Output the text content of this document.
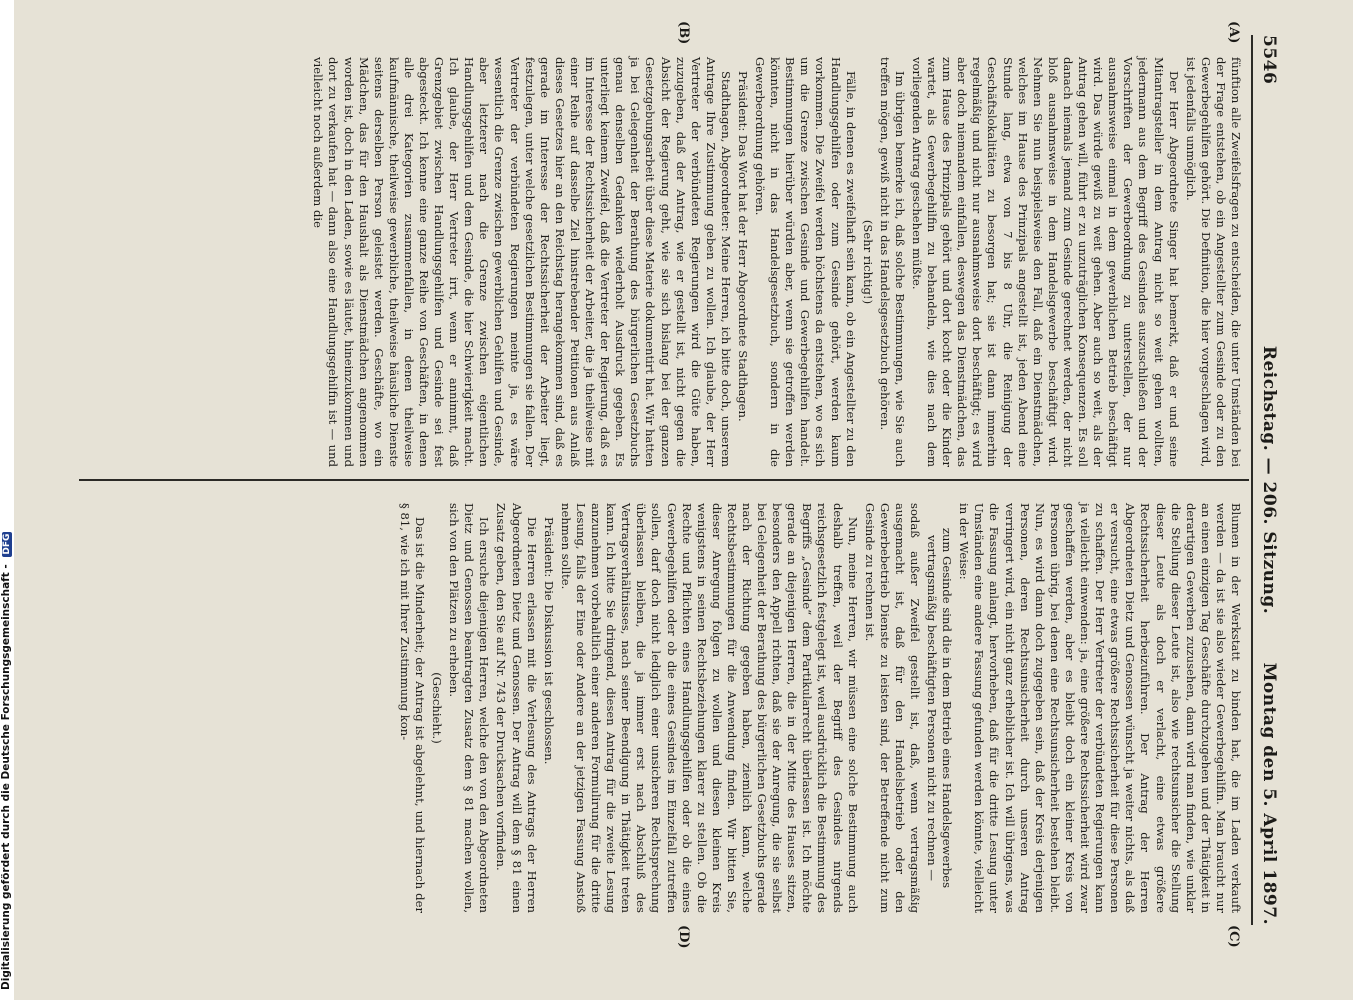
5546
Reichstag. — 206. Sitzung.
Montag den 5. April 1897.
(A)
(B)
(C)
(D)

fünftion alle Zweifelsfragen zu entscheiden, die unter Umständen bei der Frage entstehen, ob ein Angestellter zum Gesinde oder zu den Gewerbegehilfen gehört. Die Definition, die hier vorgeschlagen wird, ist jedenfalls unmöglich.

Der Herr Abgeordnete Singer hat bemerkt, daß er und seine Mitantragsteller in dem Antrag nicht so weit gehen wollten, jedermann aus dem Begriff des Gesindes auszuschließen und der Vorschriften der Gewerbeordnung zu unterstellen, der nur ausnahmsweise einmal in dem gewerblichen Betrieb beschäftigt wird. Das würde gewiß zu weit gehen. Aber auch so weit, als der Antrag gehen will, führt er zu unzuträglichen Konsequenzen. Es soll danach niemals jemand zum Gesinde gerechnet werden, der nicht bloß ausnahmsweise in dem Handelsgewerbe beschäftigt wird. Nehmen Sie nun beispielsweise den Fall, daß ein Dienstmädchen, welches im Hause des Prinzipals angestellt ist, jeden Abend eine Stunde lang, etwa von 7 bis 8 Uhr, die Reinigung der Geschäftslokalitäten zu besorgen hat; sie ist dann immerhin regelmäßig und nicht nur ausnahmsweise dort beschäftigt; es wird aber doch niemandem einfallen, deswegen das Dienstmädchen, das zum Hause des Prinzipals gehört und dort kocht oder die Kinder wartet, als Gewerbegehilfin zu behandeln, wie dies nach dem vorliegenden Antrag geschehen müßte.

Im übrigen bemerke ich, daß solche Bestimmungen, wie Sie auch treffen mögen, gewiß nicht in das Handelsgesetzbuch gehören.

(Sehr richtig!)

Fälle, in denen es zweifelhaft sein kann, ob ein Angestellter zu den Handlungsgehilfen oder zum Gesinde gehört, werden kaum vorkommen. Die Zweifel werden höchstens da entstehen, wo es sich um die Grenze zwischen Gesinde und Gewerbegehilfen handelt. Bestimmungen hierüber würden aber, wenn sie getroffen werden könnten, nicht in das Handelsgesetzbuch, sondern in die Gewerbeordnung gehören.

Präsident: Das Wort hat der Herr Abgeordnete Stadthagen.

Stadthagen, Abgeordneter: Meine Herren, ich bitte doch, unserem Antrage Ihre Zustimmung geben zu wollen. Ich glaube, der Herr Vertreter der verbündeten Regierungen wird die Güte haben, zuzugeben, daß der Antrag, wie er gestellt ist, nicht gegen die Absicht der Regierung geht, wie sie sich bislang bei der ganzen Gesetzgebungsarbeit über diese Materie dokumentirt hat. Wir hatten ja bei Gelegenheit der Berathung des bürgerlichen Gesetzbuchs genau denselben Gedanken wiederholt Ausdruck gegeben. Es unterliegt keinem Zweifel, daß die Vertreter der Regierung, daß es im Interesse der Rechtssicherheit der Arbeiter, die ja theilweise mit einer Reihe auf dasselbe Ziel hinstrebender Petitionen aus Anlaß dieses Gesetzes hier an den Reichstag herangekommen sind, daß es gerade im Interesse der Rechtssicherheit der Arbeiter liegt, festzulegen, unter welche gesetzlichen Bestimmungen sie fallen. Der Vertreter der verbündeten Regierungen meinte ja, es wäre wesentlich die Grenze zwischen gewerblichen Gehilfen und Gesinde, aber letzterer nach die Grenze zwischen eigentlichen Handlungsgehilfen und dem Gesinde, die hier Schwierigkeit macht. Ich glaube, der Herr Vertreter irrt, wenn er annimmt, daß Grenzgebiet zwischen Handlungsgehilfen und Gesinde sei fest abgesteckt. Ich kenne eine ganze Reihe von Geschäften, in denen alle drei Kategorien zusammenfallen, in denen theilweise kaufmännische, theilweise gewerbliche, theilweise häusliche Dienste seitens derselben Person geleistet werden. Geschäfte, wo ein Mädchen, das für den Haushalt als Dienstmädchen angenommen worden ist, doch in den Laden, sowie es läutet, hineinzukommen und dort zu verkaufen hat — dann also eine Handlungsgehilfin ist — und vielleicht noch außerdem die

Blumen in der Werkstatt zu binden hat, die im Laden verkauft werden — da ist sie also wieder Gewerbegehilfin. Man braucht nur an einen einzigen Tag Geschäfte durchzugehen und der Thätigkeit in derartigen Gewerben zuzusehen, dann wird man finden, wie unklar die Stellung dieser Leute ist, also wie rechtsunsicher die Stellung dieser Leute als doch er verlacht, eine etwas größere Rechtssicherheit herbeizuführen. Der Antrag der Herren Abgeordneten Dietz und Genossen wünscht ja weiter nichts, als daß er versucht, eine etwas größere Rechtssicherheit für diese Personen zu schaffen. Der Herr Vertreter der verbündeten Regierungen kann ja vielleicht einwenden: ja, eine größere Rechtssicherheit wird zwar geschaffen werden, aber es bleibt doch ein kleiner Kreis von Personen übrig, bei denen eine Rechtsunsicherheit bestehen bleibt. Nun, es wird dann doch zugegeben sein, daß der Kreis derjenigen Personen, deren Rechtsunsicherheit durch unseren Antrag verringert wird, ein nicht ganz erheblicher ist. Ich will übrigens, was die Fassung anlangt, hervorheben, daß für die dritte Lesung unter Umständen eine andere Fassung gefunden werden könnte, vielleicht in der Weise:

zum Gesinde sind die in dem Betrieb eines Handelsgewerbes vertragsmäßig beschäftigten Personen nicht zu rechnen —

sodaß außer Zweifel gestellt ist, daß, wenn vertragsmäßig ausgemacht ist, daß für den Handelsbetrieb oder den Gewerbebetrieb Dienste zu leisten sind, der Betreffende nicht zum Gesinde zu rechnen ist.

Nun, meine Herren, wir müssen eine solche Bestimmung auch deshalb treffen, weil der Begriff des Gesindes nirgends reichsgesetzlich festgelegt ist, weil ausdrücklich die Bestimmung des Begriffs „Gesinde“ dem Partikularrecht überlassen ist. Ich möchte gerade an diejenigen Herren, die in der Mitte des Hauses sitzen, besonders den Appell richten, daß sie der Anregung, die sie selbst bei Gelegenheit der Berathung des bürgerlichen Gesetzbuchs gerade nach der Richtung gegeben haben, ziemlich kann, welche Rechtsbestimmungen für die Anwendung finden. Wir bitten Sie, dieser Anregung folgen zu wollen und diesen kleinen Kreis wenigstens in seinen Rechtsbeziehungen klarer zu stellen. Ob die Rechte und Pflichten eines Handlungsgehilfen oder ob die eines Gewerbegehilfen oder ob die eines Gesindes im Einzelfall zutreffen sollen, darf doch nicht lediglich einer unsicheren Rechtsprechung überlassen bleiben, die ja immer erst nach Abschluß des Vertragsverhältnisses, nach seiner Beendigung in Thätigkeit treten kann. Ich bitte Sie dringend, diesen Antrag für die zweite Lesung anzunehmen vorbehaltlich einer anderen Formulirung für die dritte Lesung, falls der Eine oder Andere an der jetzigen Fassung Anstoß nehmen sollte.

Präsident: Die Diskussion ist geschlossen.

Die Herren erlassen mit die Verlesung des Antrags der Herren Abgeordneten Dietz und Genossen. Der Antrag will dem § 81 einen Zusatz geben, den Sie auf Nr. 743 der Drucksachen vorfinden.

Ich ersuche diejenigen Herren, welche den von den Abgeordneten Dietz und Genossen beantragten Zusatz dem § 81 machen wollen, sich von den Plätzen zu erheben.

(Geschieht.)

Das ist die Minderheit; der Antrag ist abgelehnt, und hiernach der § 81, wie ich mit Ihrer Zustimmung kon-

Digitalisierung gefördert durch die Deutsche Forschungsgemeinschaft - DFG
